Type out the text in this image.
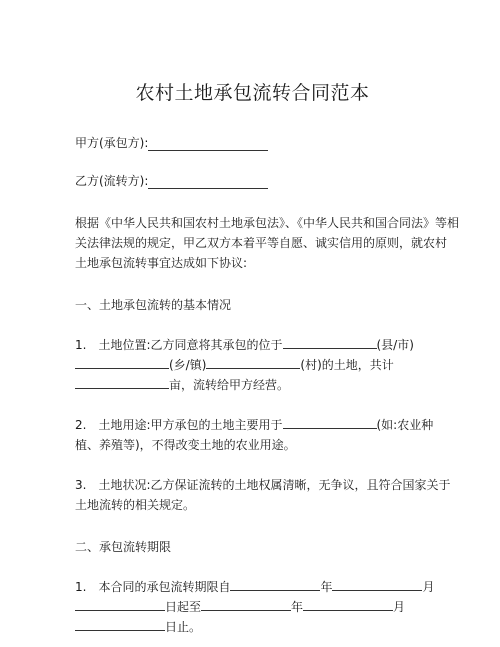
农村土地承包流转合同范本
甲方(承包方):
乙方(流转方):
根据《中华人民共和国农村土地承包法》、《中华人民共和国合同法》等相
关法律法规的规定，甲乙双方本着平等自愿、诚实信用的原则，就农村
土地承包流转事宜达成如下协议:
一、土地承包流转的基本情况
1. 土地位置:乙方同意将其承包的位于	(县/市)
(乡/镇)	(村)的土地，共计
亩，流转给甲方经营。
2. 土地用途:甲方承包的土地主要用于	(如:农业种
植、养殖等)，不得改变土地的农业用途。
3. 土地状况:乙方保证流转的土地权属清晰，无争议，且符合国家关于
土地流转的相关规定。
二、承包流转期限
1. 本合同的承包流转期限自	年	月
日起至	年	月
日止。
